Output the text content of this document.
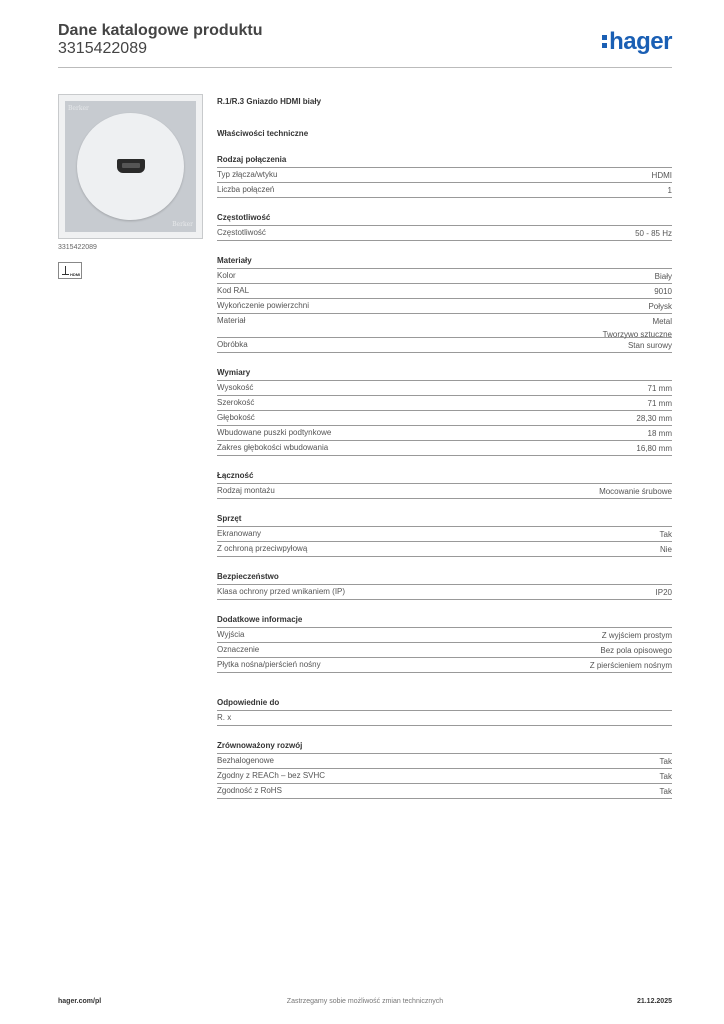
Dane katalogowe produktu
3315422089	hager
Berker
Berker
3315422089
HDMI
R.1/R.3 Gniazdo HDMI biały
Właściwości techniczne
Rodzaj połączenia
Typ złącza/wtyku	HDMI
Liczba połączeń	1
Częstotliwość
Częstotliwość	50 - 85 Hz
Materiały
Kolor	Biały
Kod RAL	9010
Wykończenie powierzchni	Połysk
Materiał	Metal
Tworzywo sztuczne
Obróbka	Stan surowy
Wymiary
Wysokość	71 mm
Szerokość	71 mm
Głębokość	28,30 mm
Wbudowane puszki podtynkowe	18 mm
Zakres głębokości wbudowania	16,80 mm
Łączność
Rodzaj montażu	Mocowanie śrubowe
Sprzęt
Ekranowany	Tak
Z ochroną przeciwpyłową	Nie
Bezpieczeństwo
Klasa ochrony przed wnikaniem (IP)	IP20
Dodatkowe informacje
Wyjścia	Z wyjściem prostym
Oznaczenie	Bez pola opisowego
Płytka nośna/pierścień nośny	Z pierścieniem nośnym
Odpowiednie do
R. x
Zrównoważony rozwój
Bezhalogenowe	Tak
Zgodny z REACh – bez SVHC	Tak
Zgodność z RoHS	Tak
hager.com/pl	Zastrzegamy sobie możliwość zmian technicznych	21.12.2025
